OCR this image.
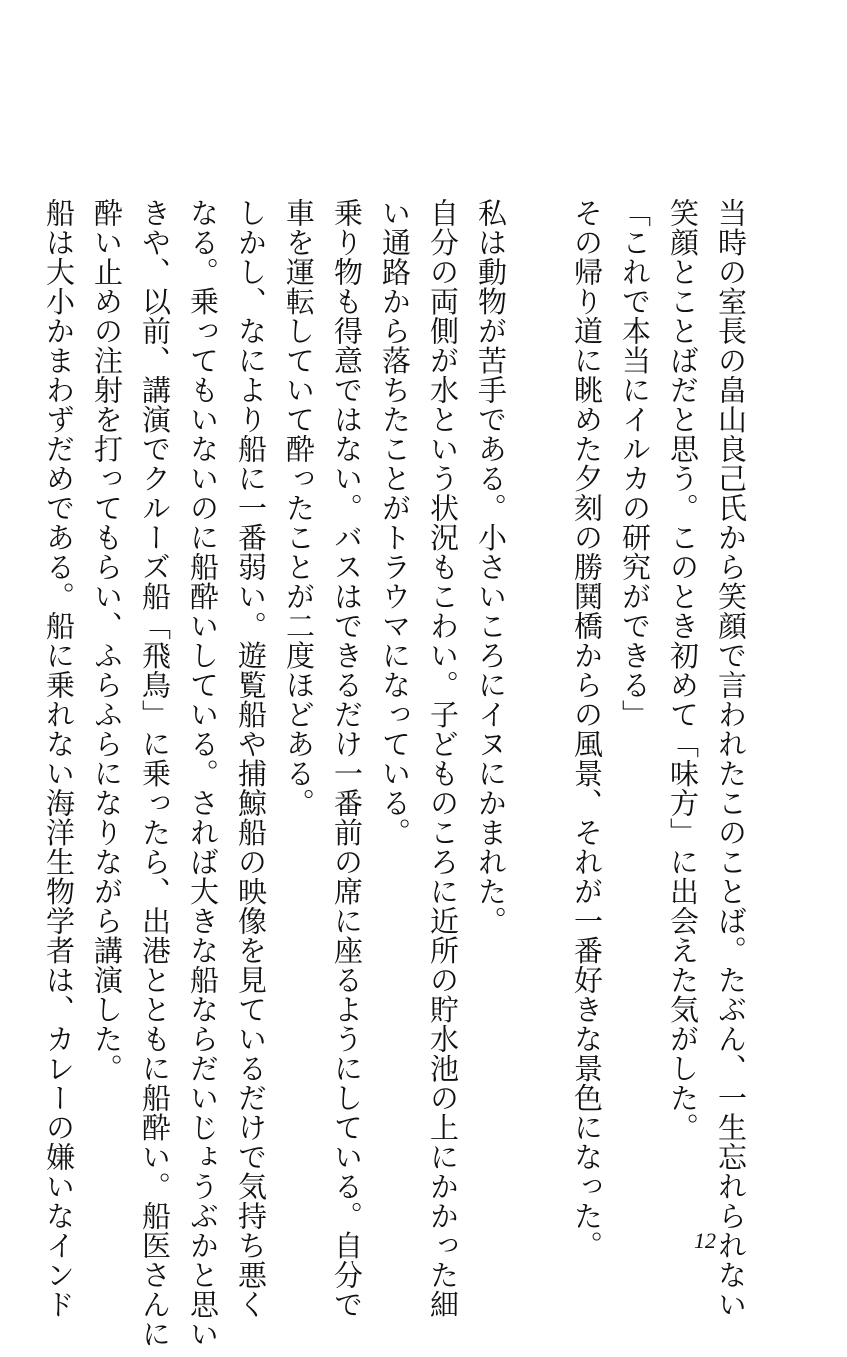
当時の室長の畠山良己氏から笑顔で言われたこのことば。たぶん、一生忘れられない
笑顔とことばだと思う。このとき初めて「味方」に出会えた気がした。
「これで本当にイルカの研究ができる」
その帰り道に眺めた夕刻の勝鬨橋からの風景、それが一番好きな景色になった。

私は動物が苦手である。小さいころにイヌにかまれた。
自分の両側が水という状況もこわい。子どものころに近所の貯水池の上にかかった細
い通路から落ちたことがトラウマになっている。
乗り物も得意ではない。バスはできるだけ一番前の席に座るようにしている。自分で
車を運転していて酔ったことが二度ほどある。
しかし、なにより船に一番弱い。遊覧船や捕鯨船の映像を見ているだけで気持ち悪く
なる。乗ってもいないのに船酔いしている。されば大きな船ならだいじょうぶかと思い
きや、以前、講演でクルーズ船「飛鳥」に乗ったら、出港とともに船酔い。船医さんに
酔い止めの注射を打ってもらい、ふらふらになりながら講演した。
船は大小かまわずだめである。船に乗れない海洋生物学者は、カレーの嫌いなインド	12
